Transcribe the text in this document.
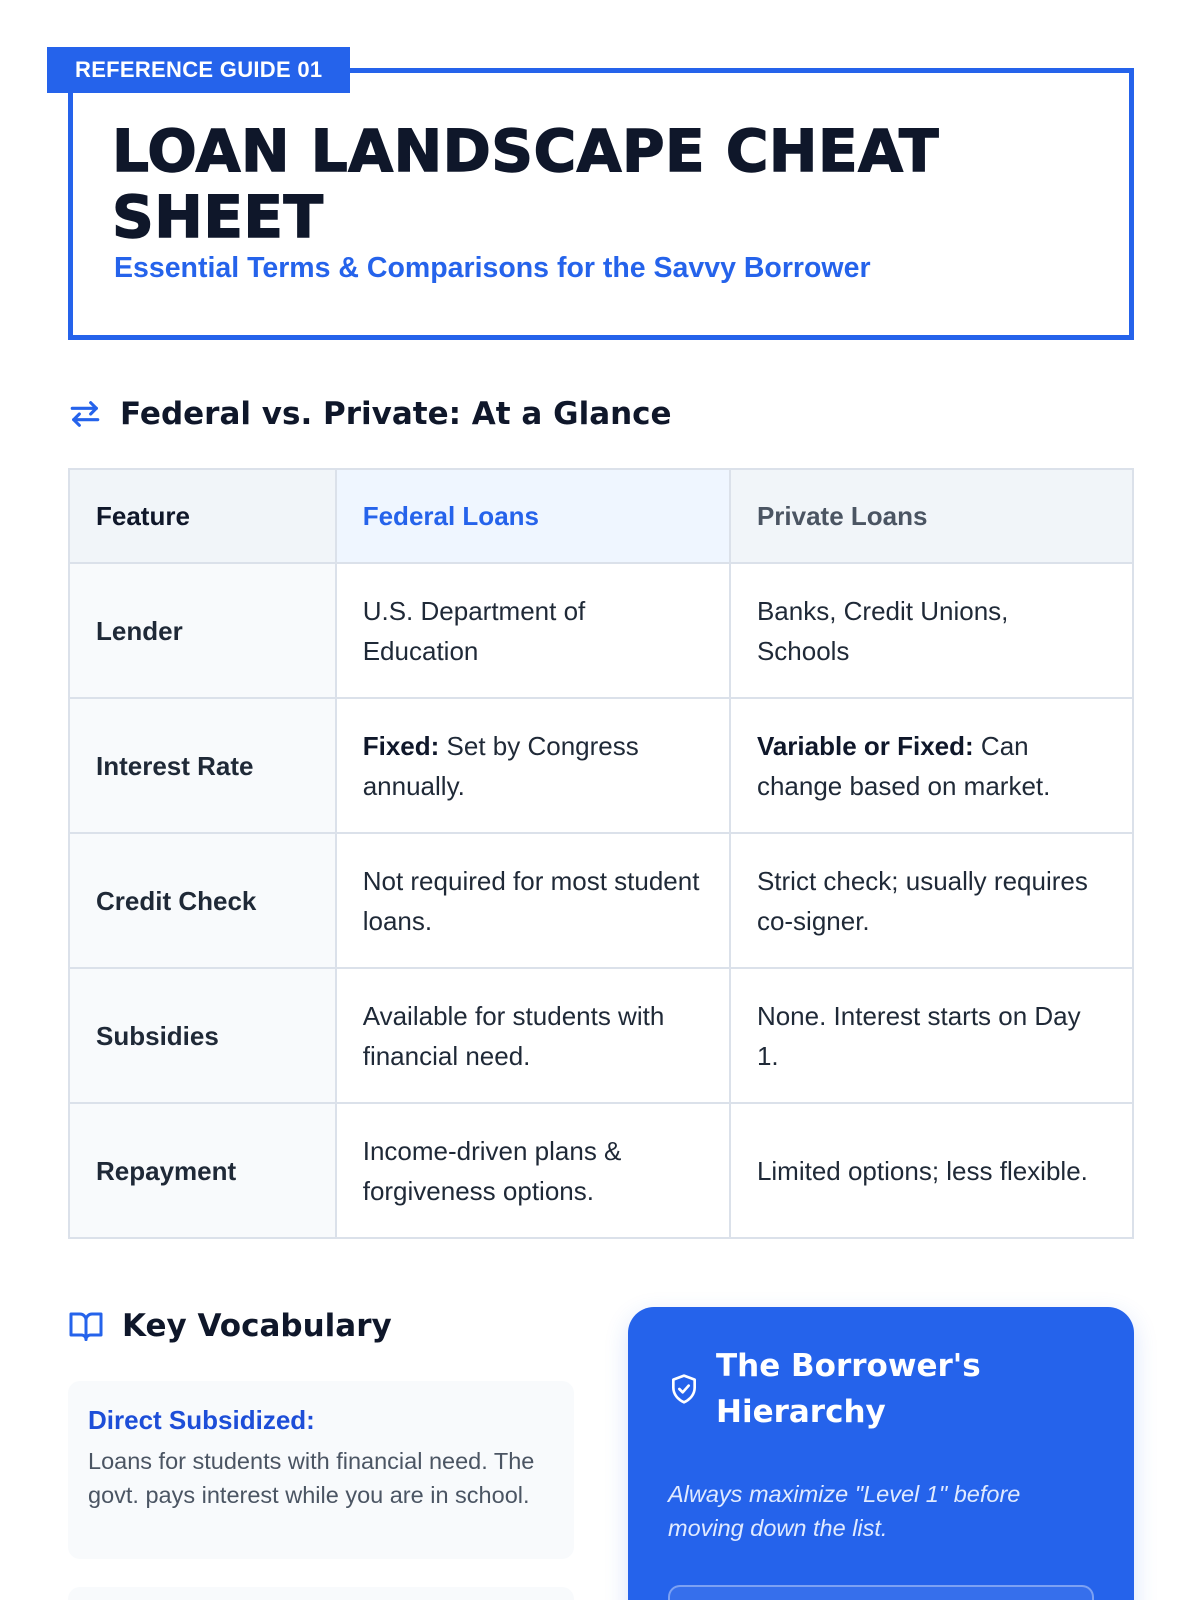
REFERENCE GUIDE 01
LOAN LANDSCAPE CHEAT SHEET
Essential Terms & Comparisons for the Savvy Borrower
Federal vs. Private: At a Glance
Feature	Federal Loans	Private Loans
Lender	U.S. Department of Education	Banks, Credit Unions, Schools
Interest Rate	Fixed: Set by Congress annually.	Variable or Fixed: Can change based on market.
Credit Check	Not required for most student loans.	Strict check; usually requires co-signer.
Subsidies	Available for students with financial need.	None. Interest starts on Day 1.
Repayment	Income-driven plans & forgiveness options.	Limited options; less flexible.
Key Vocabulary
Direct Subsidized:
Loans for students with financial need. The govt. pays interest while you are in school.
The Borrower's Hierarchy
Always maximize "Level 1" before moving down the list.
